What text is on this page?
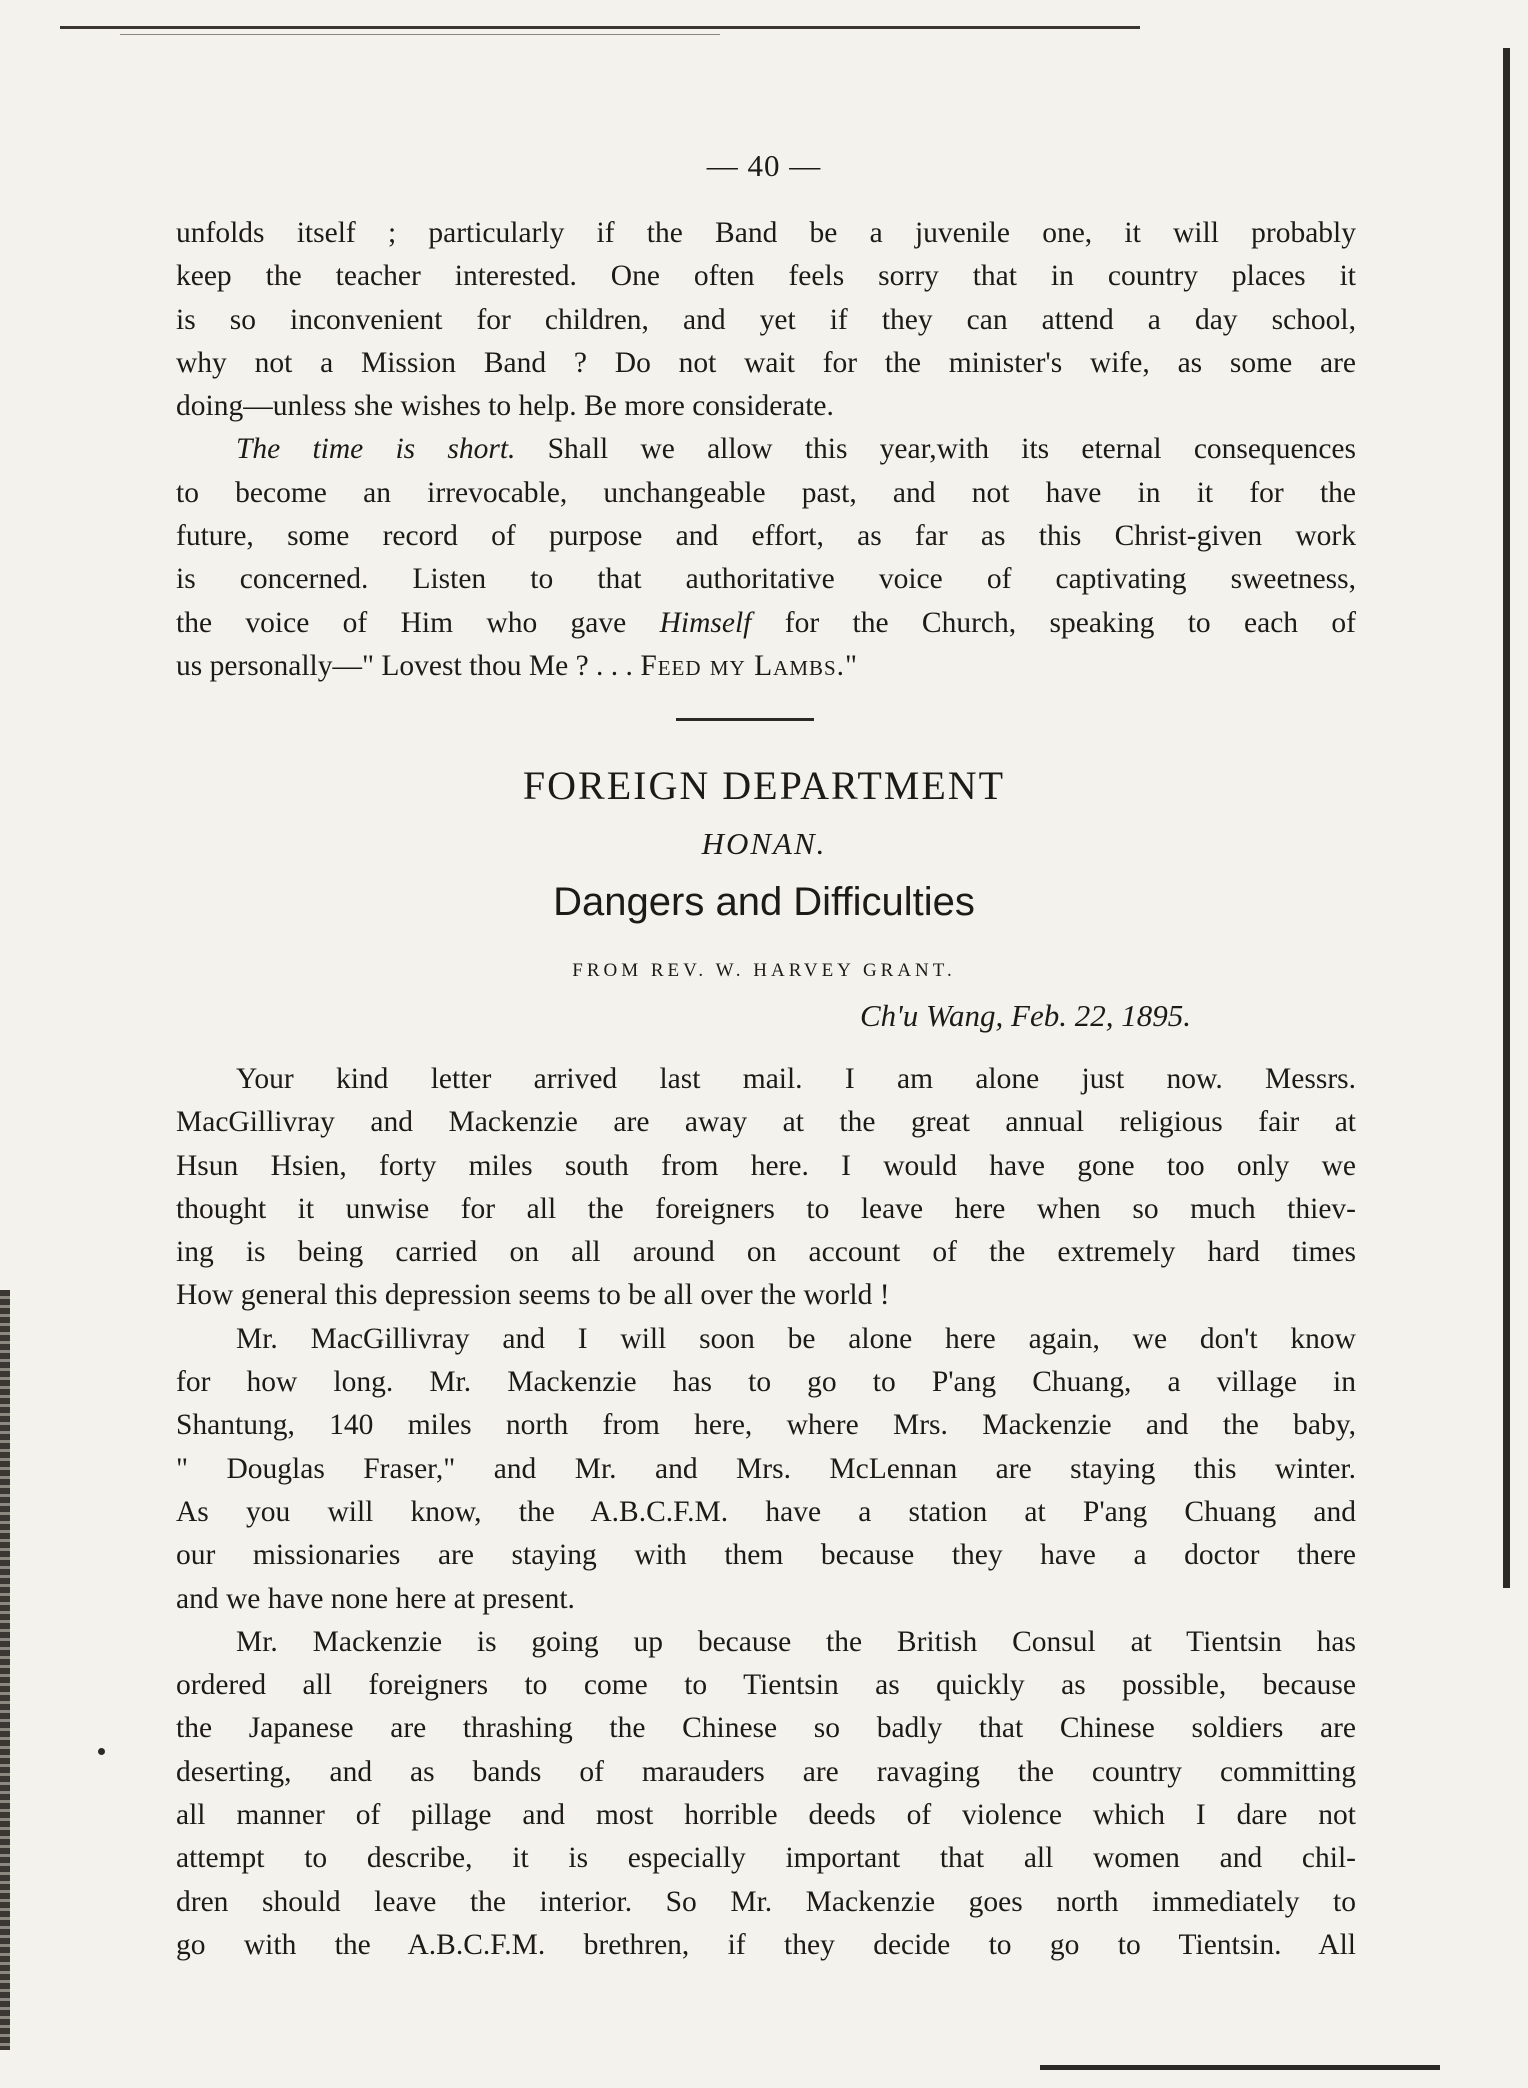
— 40 —

unfolds itself ; particularly if the Band be a juvenile one, it will probably
keep the teacher interested. One often feels sorry that in country places it
is so inconvenient for children, and yet if they can attend a day school,
why not a Mission Band ? Do not wait for the minister's wife, as some are
doing—unless she wishes to help. Be more considerate.

The time is short. Shall we allow this year,with its eternal consequences
to become an irrevocable, unchangeable past, and not have in it for the
future, some record of purpose and effort, as far as this Christ-given work
is concerned. Listen to that authoritative voice of captivating sweetness,
the voice of Him who gave Himself for the Church, speaking to each of
us personally—" Lovest thou Me ? . . . Feed my Lambs."

FOREIGN DEPARTMENT
HONAN.
Dangers and Difficulties
FROM REV. W. HARVEY GRANT.
Ch'u Wang, Feb. 22, 1895.

Your kind letter arrived last mail. I am alone just now. Messrs.
MacGillivray and Mackenzie are away at the great annual religious fair at
Hsun Hsien, forty miles south from here. I would have gone too only we
thought it unwise for all the foreigners to leave here when so much thiev-
ing is being carried on all around on account of the extremely hard times
How general this depression seems to be all over the world !

Mr. MacGillivray and I will soon be alone here again, we don't know
for how long. Mr. Mackenzie has to go to P'ang Chuang, a village in
Shantung, 140 miles north from here, where Mrs. Mackenzie and the baby,
" Douglas Fraser," and Mr. and Mrs. McLennan are staying this winter.
As you will know, the A.B.C.F.M. have a station at P'ang Chuang and
our missionaries are staying with them because they have a doctor there
and we have none here at present.

Mr. Mackenzie is going up because the British Consul at Tientsin has
ordered all foreigners to come to Tientsin as quickly as possible, because
the Japanese are thrashing the Chinese so badly that Chinese soldiers are
deserting, and as bands of marauders are ravaging the country committing
all manner of pillage and most horrible deeds of violence which I dare not
attempt to describe, it is especially important that all women and chil-
dren should leave the interior. So Mr. Mackenzie goes north immediately to
go with the A.B.C.F.M. brethren, if they decide to go to Tientsin. All
